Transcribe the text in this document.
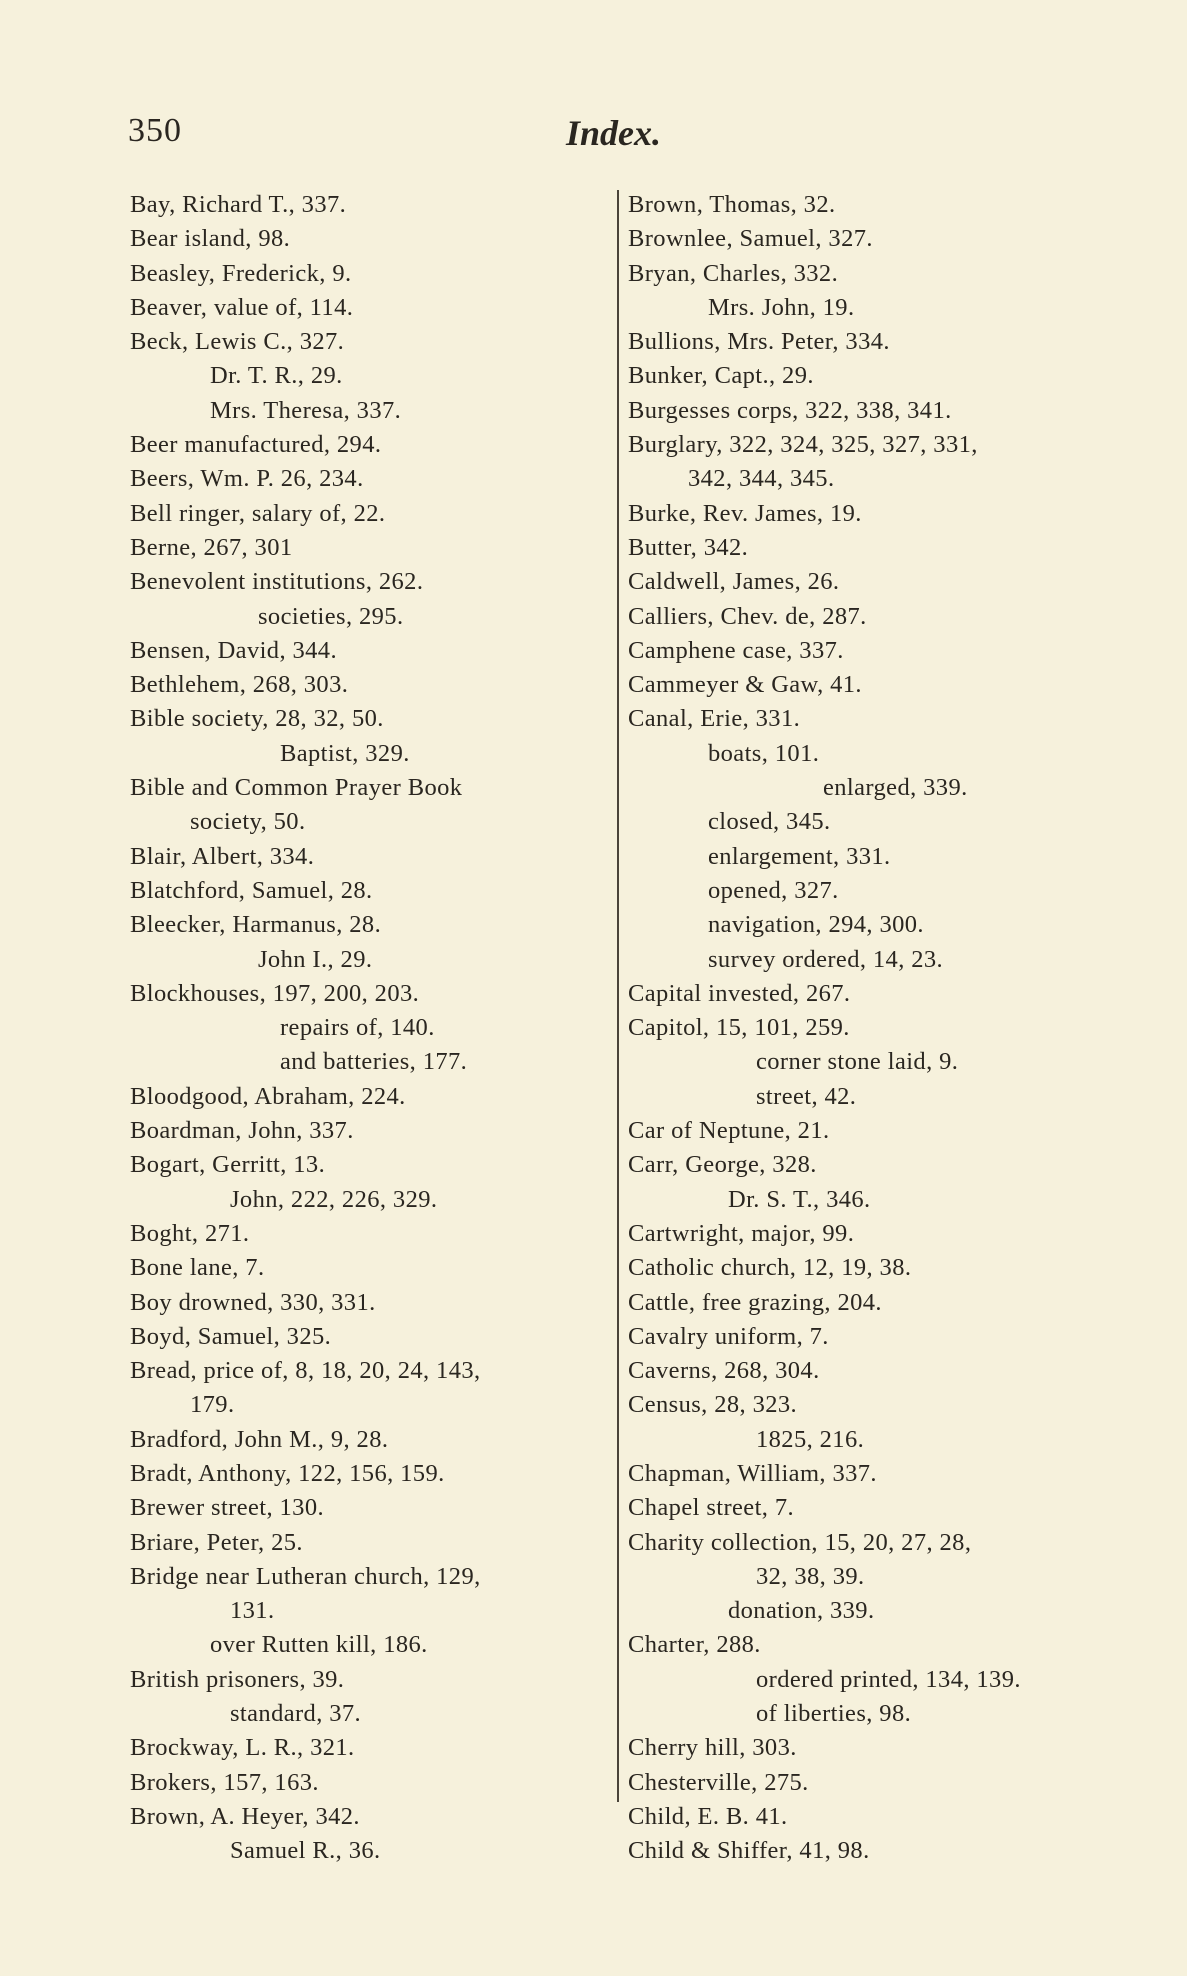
350	Index.
Bay, Richard T., 337.
Bear island, 98.
Beasley, Frederick, 9.
Beaver, value of, 114.
Beck, Lewis C., 327.
Dr. T. R., 29.
Mrs. Theresa, 337.
Beer manufactured, 294.
Beers, Wm. P. 26, 234.
Bell ringer, salary of, 22.
Berne, 267, 301
Benevolent institutions, 262.
societies, 295.
Bensen, David, 344.
Bethlehem, 268, 303.
Bible society, 28, 32, 50.
Baptist, 329.
Bible and Common Prayer Book
society, 50.
Blair, Albert, 334.
Blatchford, Samuel, 28.
Bleecker, Harmanus, 28.
John I., 29.
Blockhouses, 197, 200, 203.
repairs of, 140.
and batteries, 177.
Bloodgood, Abraham, 224.
Boardman, John, 337.
Bogart, Gerritt, 13.
John, 222, 226, 329.
Boght, 271.
Bone lane, 7.
Boy drowned, 330, 331.
Boyd, Samuel, 325.
Bread, price of, 8, 18, 20, 24, 143,
179.
Bradford, John M., 9, 28.
Bradt, Anthony, 122, 156, 159.
Brewer street, 130.
Briare, Peter, 25.
Bridge near Lutheran church, 129,
131.
over Rutten kill, 186.
British prisoners, 39.
standard, 37.
Brockway, L. R., 321.
Brokers, 157, 163.
Brown, A. Heyer, 342.
Samuel R., 36.
Brown, Thomas, 32.
Brownlee, Samuel, 327.
Bryan, Charles, 332.
Mrs. John, 19.
Bullions, Mrs. Peter, 334.
Bunker, Capt., 29.
Burgesses corps, 322, 338, 341.
Burglary, 322, 324, 325, 327, 331,
342, 344, 345.
Burke, Rev. James, 19.
Butter, 342.
Caldwell, James, 26.
Calliers, Chev. de, 287.
Camphene case, 337.
Cammeyer & Gaw, 41.
Canal, Erie, 331.
boats, 101.
enlarged, 339.
closed, 345.
enlargement, 331.
opened, 327.
navigation, 294, 300.
survey ordered, 14, 23.
Capital invested, 267.
Capitol, 15, 101, 259.
corner stone laid, 9.
street, 42.
Car of Neptune, 21.
Carr, George, 328.
Dr. S. T., 346.
Cartwright, major, 99.
Catholic church, 12, 19, 38.
Cattle, free grazing, 204.
Cavalry uniform, 7.
Caverns, 268, 304.
Census, 28, 323.
1825, 216.
Chapman, William, 337.
Chapel street, 7.
Charity collection, 15, 20, 27, 28,
32, 38, 39.
donation, 339.
Charter, 288.
ordered printed, 134, 139.
of liberties, 98.
Cherry hill, 303.
Chesterville, 275.
Child, E. B. 41.
Child & Shiffer, 41, 98.
